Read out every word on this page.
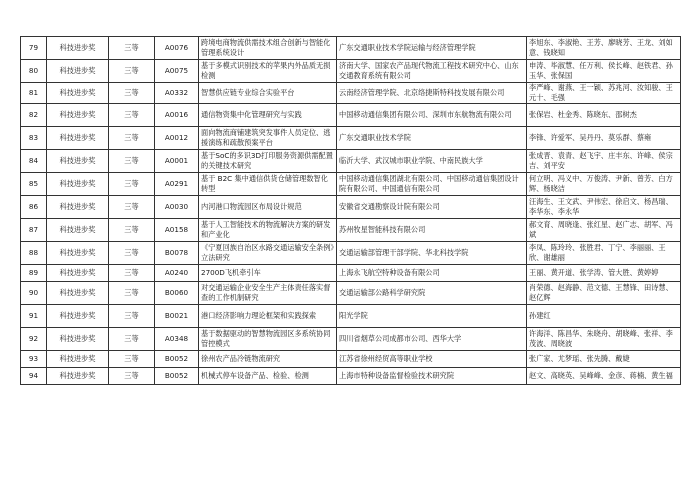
79	科技进步奖	三等	A0076	跨境电商物流供需技术组合创新与智能化管理系统设计	广东交通职业技术学院运输与经济管理学院	李旭东、李淑艳、王芳、廖晓芳、王龙、刘如意、钱晓知
80	科技进步奖	三等	A0075	基于多模式识别技术的苹果内外品质无损检测	济南大学、国家农产品现代物流工程技术研究中心、山东交通教育系统有限公司	申涛、毕淑慧、任万利、侯长峰、赵铁君、孙玉华、张保国
81	科技进步奖	三等	A0332	智慧供应链专业综合实验平台	云南经济管理学院、北京络捷斯特科技发展有限公司	李严峰、谢燕、王一颖、苏兆河、汝知骏、王元十、毛强
82	科技进步奖	三等	A0016	通信物资集中化管理研究与实践	中国移动通信集团有限公司、深圳市东航物流有限公司	张保岩、杜金秀、陈晓东、邵树杰
83	科技进步奖	三等	A0012	面向物流商铺建筑突发事件人员定位、逃援演练和疏散预案平台	广东交通职业技术学院	李锋、许爱军、吴丹丹、莫乐群、蔡雍
84	科技进步奖	三等	A0001	基于SoC的多识3D打印服务资源供需配置的关键技术研究	临沂大学、武汉城市职业学院、中南民族大学	张成晋、袁青、赵飞宇、庄丰东、许峰、侯宗吉、刘平安
85	科技进步奖	三等	A0291	基于 B2C 集中通信供货仓储管理数智化转型	中国移动通信集团湖北有限公司、中国移动通信集团设计院有限公司、中国通信有限公司	何立明、冯义中、万俊涛、尹新、曾芳、白方辉、杨晓洁
86	科技进步奖	三等	A0030	内河港口物流园区布局设计规范	安徽省交通勘察设计院有限公司	汪海生、王文武、尹伟宏、徐启文、杨昌瑞、李华东、李永华
87	科技进步奖	三等	A0158	基于人工智能技术的物流解决方案的研发和产业化	苏州牧星智能科技有限公司	郝文育、周晓逢、张红星、赵广志、胡军、冯斌
88	科技进步奖	三等	B0078	《宁夏回族自治区水路交通运输安全条例》立法研究	交通运输部管理干部学院、华北科技学院	李凤、陈玲玲、张胜君、丁宁、李丽丽、王欣、谢雄丽
89	科技进步奖	三等	A0240	2700D飞机牵引车	上海永飞航空特种设备有限公司	王丽、黄开道、张学涛、管大胜、黄婷婷
90	科技进步奖	三等	B0060	对交通运输企业安全生产主体责任落实督查的工作机制研究	交通运输部公路科学研究院	肖荣德、赵海静、范文德、王慧锋、田诗慧、赵亿辉
91	科技进步奖	三等	B0021	港口经济影响力理论框架和实践探索	阳光学院	孙建红
92	科技进步奖	三等	A0348	基于数据驱动的智慧物流园区多系统协同管控模式	四川省烟草公司成都市公司、西华大学	许海洋、陈昌华、朱晓舟、胡晓峰、张祥、李茂波、周晓波
93	科技进步奖	三等	B0052	徐州农产品冷链物流研究	江苏省徐州经贸高等职业学校	张广家、尤梦瑶、张先腾、戴婕
94	科技进步奖	三等	B0052	机械式停车设备产品、检验、检测	上海市特种设备监督检验技术研究院	赵文、高晓英、吴峰峰、金彦、蒋楠、黄生福
